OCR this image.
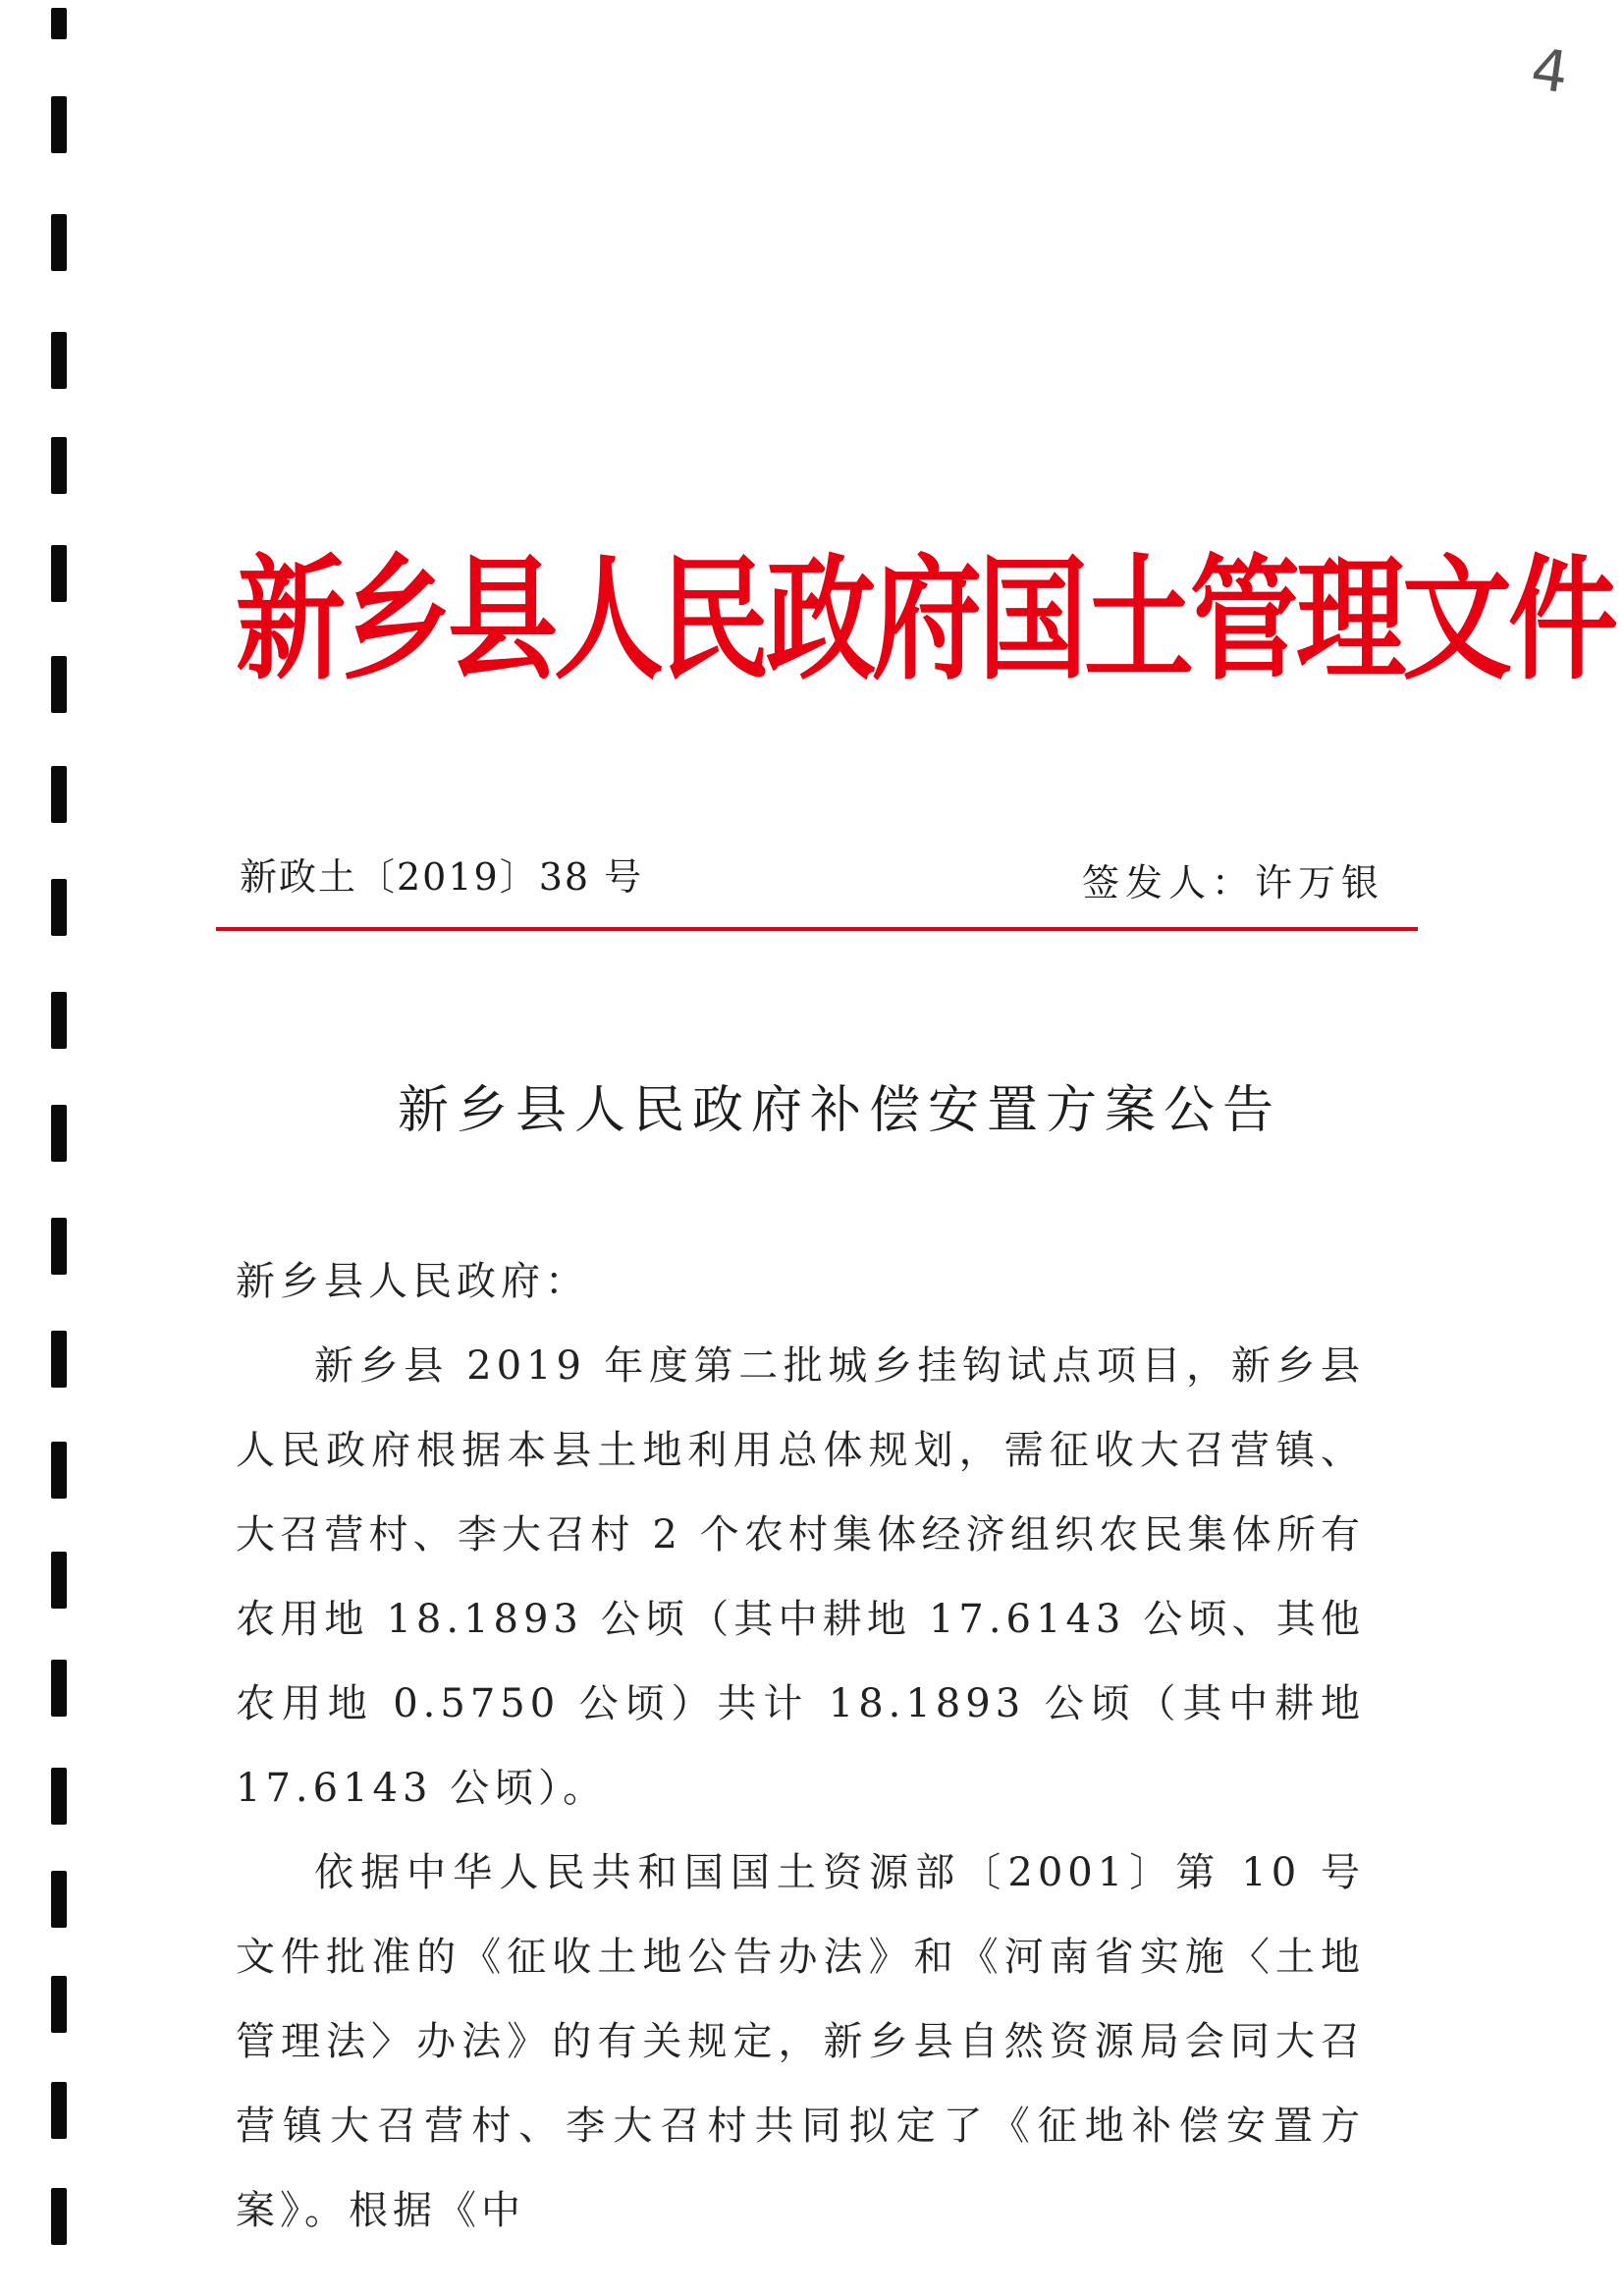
4
新乡县人民政府国土管理文件
新政土〔2019〕38 号	签发人：许万银
新乡县人民政府补偿安置方案公告

新乡县人民政府：

新乡县 2019 年度第二批城乡挂钩试点项目，新乡县人民政府根据本县土地利用总体规划，需征收大召营镇、大召营村、李大召村 2 个农村集体经济组织农民集体所有农用地 18.1893 公顷（其中耕地 17.6143 公顷、其他农用地 0.5750 公顷）共计 18.1893 公顷（其中耕地 17.6143 公顷）。

依据中华人民共和国国土资源部〔2001〕第 10 号文件批准的《征收土地公告办法》和《河南省实施〈土地管理法〉办法》的有关规定，新乡县自然资源局会同大召营镇大召营村、李大召村共同拟定了《征地补偿安置方案》。根据《中
